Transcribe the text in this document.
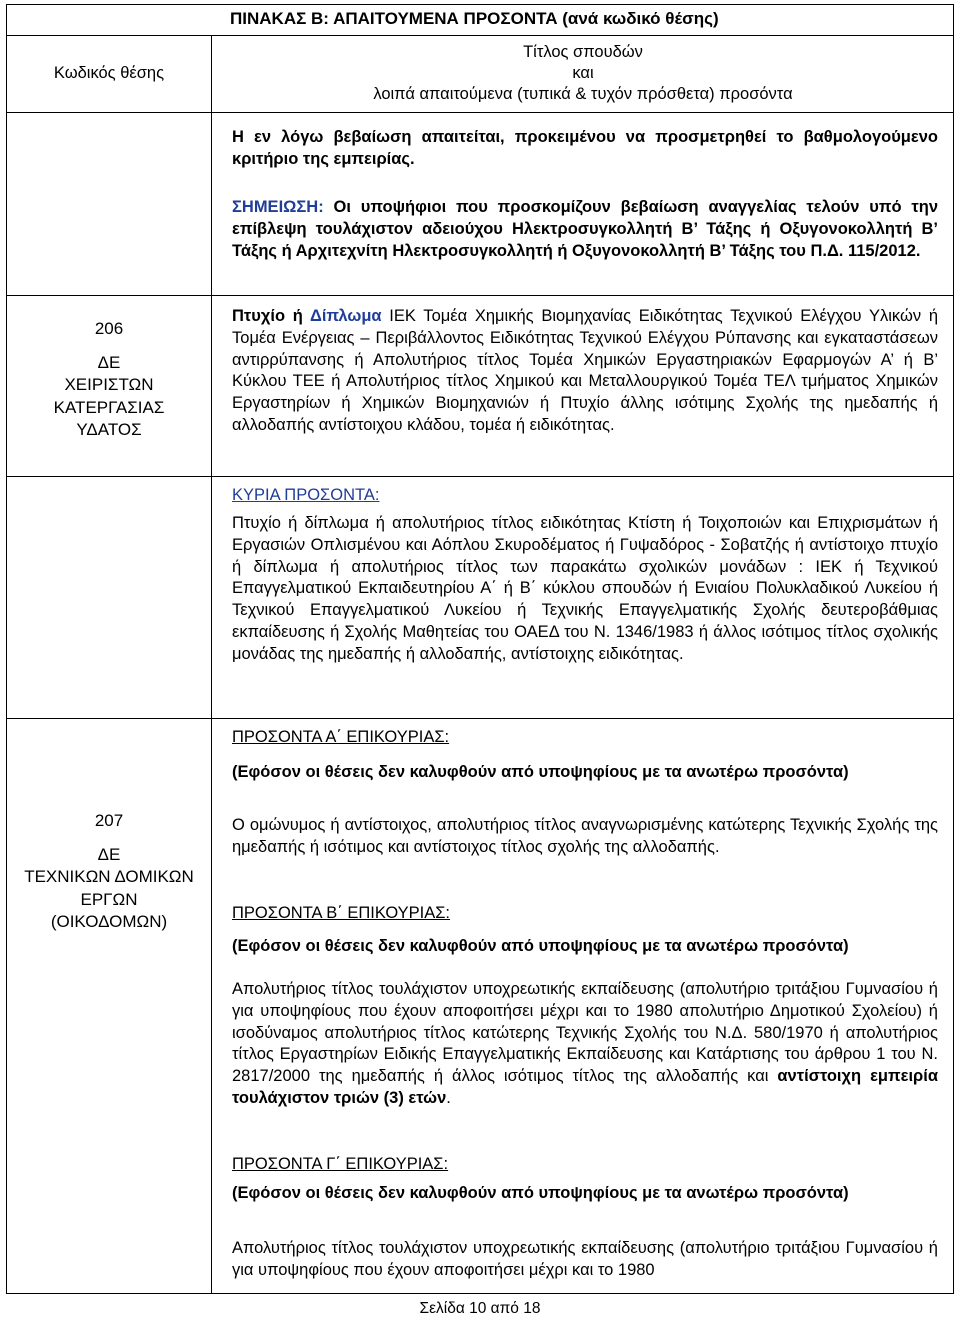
ΠΙΝΑΚΑΣ Β: ΑΠΑΙΤΟΥΜΕΝΑ ΠΡΟΣΟΝΤΑ (ανά κωδικό θέσης)
Κωδικός θέσης
Τίτλος σπουδών
και
λοιπά απαιτούμενα (τυπικά & τυχόν πρόσθετα) προσόντα
206
ΔΕ
ΧΕΙΡΙΣΤΩΝ
ΚΑΤΕΡΓΑΣΙΑΣ
ΥΔΑΤΟΣ

Η εν λόγω βεβαίωση απαιτείται, προκειμένου να προσμετρηθεί το βαθμολογούμενο κριτήριο της εμπειρίας.

ΣΗΜΕΙΩΣΗ: Οι υποψήφιοι που προσκομίζουν βεβαίωση αναγγελίας τελούν υπό την επίβλεψη τουλάχιστον αδειούχου Ηλεκτροσυγκολλητή Β’ Τάξης ή Οξυγονοκολλητή Β’ Τάξης ή Αρχιτεχνίτη Ηλεκτροσυγκολλητή ή Οξυγονοκολλητή Β’ Τάξης του Π.Δ. 115/2012.

Πτυχίο ή Δίπλωμα ΙΕΚ Τομέα Χημικής Βιομηχανίας Ειδικότητας Τεχνικού Ελέγχου Υλικών ή Τομέα Ενέργειας – Περιβάλλοντος Ειδικότητας Τεχνικού Ελέγχου Ρύπανσης και εγκαταστάσεων αντιρρύπανσης ή Απολυτήριος τίτλος Τομέα Χημικών Εργαστηριακών Εφαρμογών Α’ ή Β’ Κύκλου ΤΕΕ ή Απολυτήριος τίτλος Χημικού και Μεταλλουργικού Τομέα ΤΕΛ τμήματος Χημικών Εργαστηρίων ή Χημικών Βιομηχανιών ή Πτυχίο άλλης ισότιμης Σχολής της ημεδαπής ή αλλοδαπής αντίστοιχου κλάδου, τομέα ή ειδικότητας.

207
ΔΕ
ΤΕΧΝΙΚΩΝ ΔΟΜΙΚΩΝ
ΕΡΓΩΝ
(ΟΙΚΟΔΟΜΩΝ)
ΚΥΡΙΑ ΠΡΟΣΟΝΤΑ:

Πτυχίο ή δίπλωμα ή απολυτήριος τίτλος ειδικότητας Κτίστη ή Τοιχοποιών και Επιχρισμάτων ή Εργασιών Οπλισμένου και Αόπλου Σκυροδέματος ή Γυψαδόρος - Σοβατζής ή αντίστοιχο πτυχίο ή δίπλωμα ή απολυτήριος τίτλος των παρακάτω σχολικών μονάδων : ΙΕΚ ή Τεχνικού Επαγγελματικού Εκπαιδευτηρίου Α΄ ή Β΄ κύκλου σπουδών ή Ενιαίου Πολυκλαδικού Λυκείου ή Τεχνικού Επαγγελματικού Λυκείου ή Τεχνικής Επαγγελματικής Σχολής δευτεροβάθμιας εκπαίδευσης ή Σχολής Μαθητείας του ΟΑΕΔ του Ν. 1346/1983 ή άλλος ισότιμος τίτλος σχολικής μονάδας της ημεδαπής ή αλλοδαπής, αντίστοιχης ειδικότητας.

ΠΡΟΣΟΝΤΑ Α΄ ΕΠΙΚΟΥΡΙΑΣ:

(Εφόσον οι θέσεις δεν καλυφθούν από υποψηφίους με τα ανωτέρω προσόντα)

Ο ομώνυμος ή αντίστοιχος, απολυτήριος τίτλος αναγνωρισμένης κατώτερης Τεχνικής Σχολής της ημεδαπής ή ισότιμος και αντίστοιχος τίτλος σχολής της αλλοδαπής.

ΠΡΟΣΟΝΤΑ Β΄ ΕΠΙΚΟΥΡΙΑΣ:

(Εφόσον οι θέσεις δεν καλυφθούν από υποψηφίους με τα ανωτέρω προσόντα)

Απολυτήριος τίτλος τουλάχιστον υποχρεωτικής εκπαίδευσης (απολυτήριο τριτάξιου Γυμνασίου ή για υποψηφίους που έχουν αποφοιτήσει μέχρι και το 1980 απολυτήριο Δημοτικού Σχολείου) ή ισοδύναμος απολυτήριος τίτλος κατώτερης Τεχνικής Σχολής του Ν.Δ. 580/1970 ή απολυτήριος τίτλος Εργαστηρίων Ειδικής Επαγγελματικής Εκπαίδευσης και Κατάρτισης του άρθρου 1 του Ν. 2817/2000 της ημεδαπής ή άλλος ισότιμος τίτλος της αλλοδαπής και αντίστοιχη εμπειρία τουλάχιστον τριών (3) ετών.

ΠΡΟΣΟΝΤΑ Γ΄ ΕΠΙΚΟΥΡΙΑΣ:

(Εφόσον οι θέσεις δεν καλυφθούν από υποψηφίους με τα ανωτέρω προσόντα)

Απολυτήριος τίτλος τουλάχιστον υποχρεωτικής εκπαίδευσης (απολυτήριο τριτάξιου Γυμνασίου ή για υποψηφίους που έχουν αποφοιτήσει μέχρι και το 1980

Σελίδα 10 από 18
